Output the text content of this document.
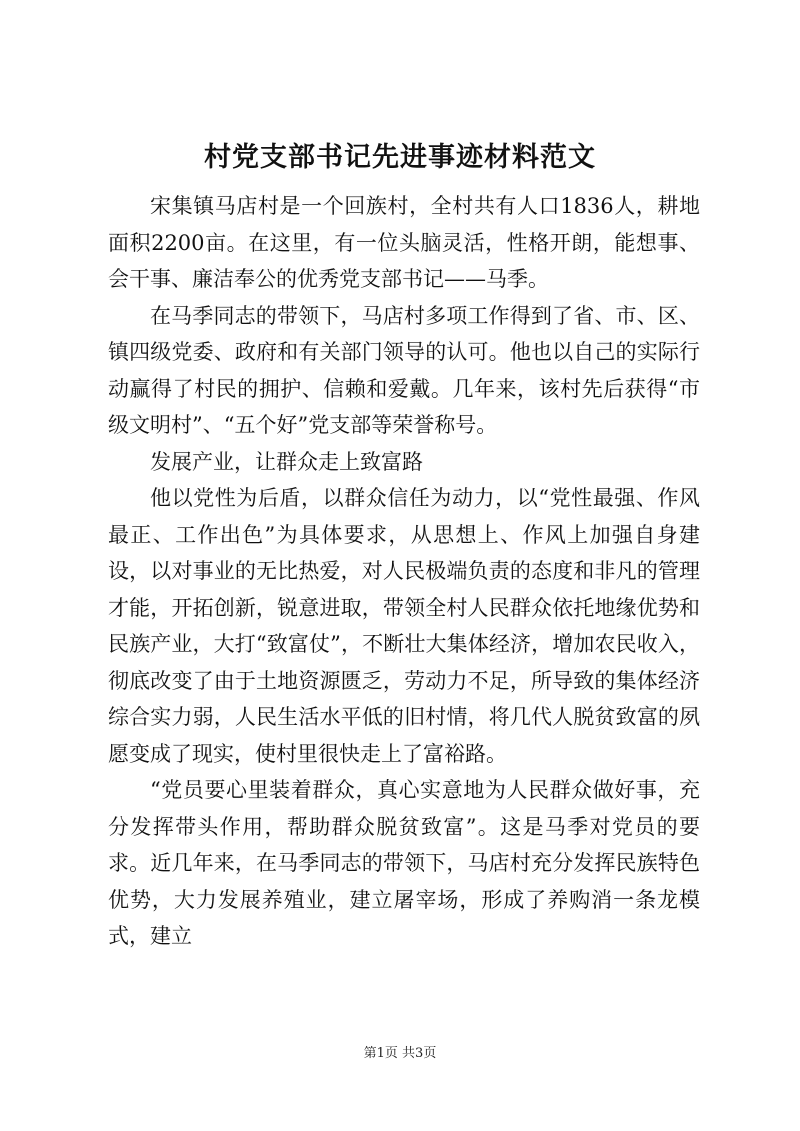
村党支部书记先进事迹材料范文

宋集镇马店村是一个回族村，全村共有人口1836人，耕地面积2200亩。在这里，有一位头脑灵活，性格开朗，能想事、会干事、廉洁奉公的优秀党支部书记——马季。

在马季同志的带领下，马店村多项工作得到了省、市、区、镇四级党委、政府和有关部门领导的认可。他也以自己的实际行动赢得了村民的拥护、信赖和爱戴。几年来，该村先后获得“市级文明村”、“五个好”党支部等荣誉称号。

发展产业，让群众走上致富路

他以党性为后盾，以群众信任为动力，以“党性最强、作风最正、工作出色”为具体要求，从思想上、作风上加强自身建设，以对事业的无比热爱，对人民极端负责的态度和非凡的管理才能，开拓创新，锐意进取，带领全村人民群众依托地缘优势和民族产业，大打“致富仗”，不断壮大集体经济，增加农民收入，彻底改变了由于土地资源匮乏，劳动力不足，所导致的集体经济综合实力弱，人民生活水平低的旧村情，将几代人脱贫致富的夙愿变成了现实，使村里很快走上了富裕路。

“党员要心里装着群众，真心实意地为人民群众做好事，充分发挥带头作用，帮助群众脱贫致富”。这是马季对党员的要求。近几年来，在马季同志的带领下，马店村充分发挥民族特色优势，大力发展养殖业，建立屠宰场，形成了养购消一条龙模式，建立

第1页 共3页
